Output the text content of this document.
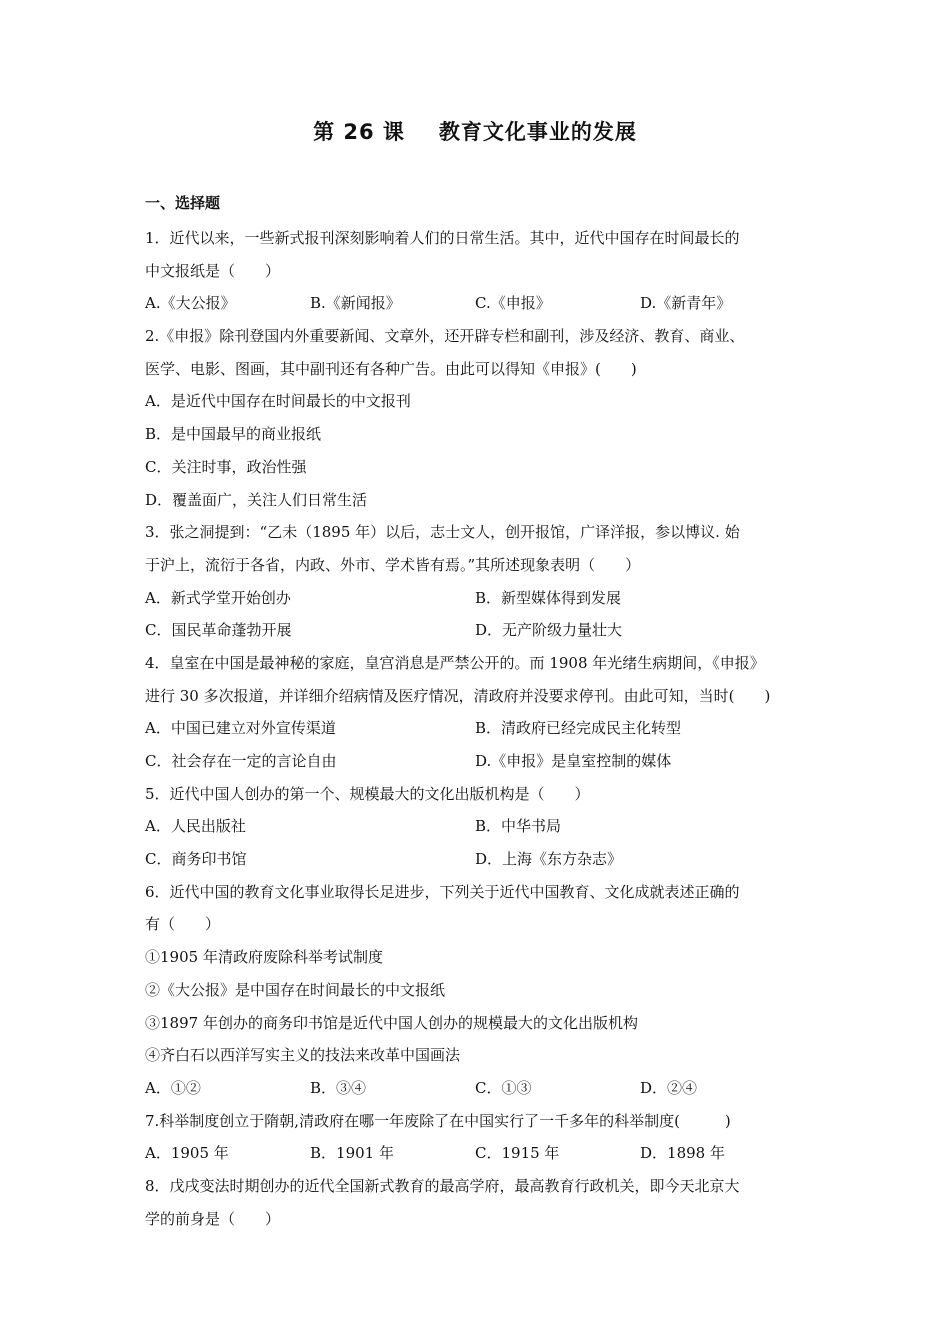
第 26 课 教育文化事业的发展
一、选择题
1．近代以来，一些新式报刊深刻影响着人们的日常生活。其中，近代中国存在时间最长的
中文报纸是（　　）
A.《大公报》	B.《新闻报》	C.《申报》	D.《新青年》
2.《申报》除刊登国内外重要新闻、文章外，还开辟专栏和副刊，涉及经济、教育、商业、
医学、电影、图画，其中副刊还有各种广告。由此可以得知《申报》(　　)
A．是近代中国存在时间最长的中文报刊
B．是中国最早的商业报纸
C．关注时事，政治性强
D．覆盖面广，关注人们日常生活
3．张之洞提到：“乙未（1895 年）以后，志士文人，创开报馆，广译洋报，参以博议. 始
于沪上，流衍于各省，内政、外市、学术皆有焉。”其所述现象表明（　　）
A．新式学堂开始创办	B．新型媒体得到发展
C．国民革命蓬勃开展	D．无产阶级力量壮大
4．皇室在中国是最神秘的家庭，皇宫消息是严禁公开的。而 1908 年光绪生病期间，《申报》
进行 30 多次报道，并详细介绍病情及医疗情况，清政府并没要求停刊。由此可知，当时(　　)
A．中国已建立对外宣传渠道	B．清政府已经完成民主化转型
C．社会存在一定的言论自由	D.《申报》是皇室控制的媒体
5．近代中国人创办的第一个、规模最大的文化出版机构是（　　）
A．人民出版社	B．中华书局
C．商务印书馆	D．上海《东方杂志》
6．近代中国的教育文化事业取得长足进步，下列关于近代中国教育、文化成就表述正确的
有（　　）
①1905 年清政府废除科举考试制度
②《大公报》是中国存在时间最长的中文报纸
③1897 年创办的商务印书馆是近代中国人创办的规模最大的文化出版机构
④齐白石以西洋写实主义的技法来改革中国画法
A．①②	B．③④	C．①③	D．②④
7.科举制度创立于隋朝,清政府在哪一年废除了在中国实行了一千多年的科举制度(　　　)
A．1905 年	B．1901 年	C．1915 年	D．1898 年
8．戊戌变法时期创办的近代全国新式教育的最高学府，最高教育行政机关，即今天北京大
学的前身是（　　）
